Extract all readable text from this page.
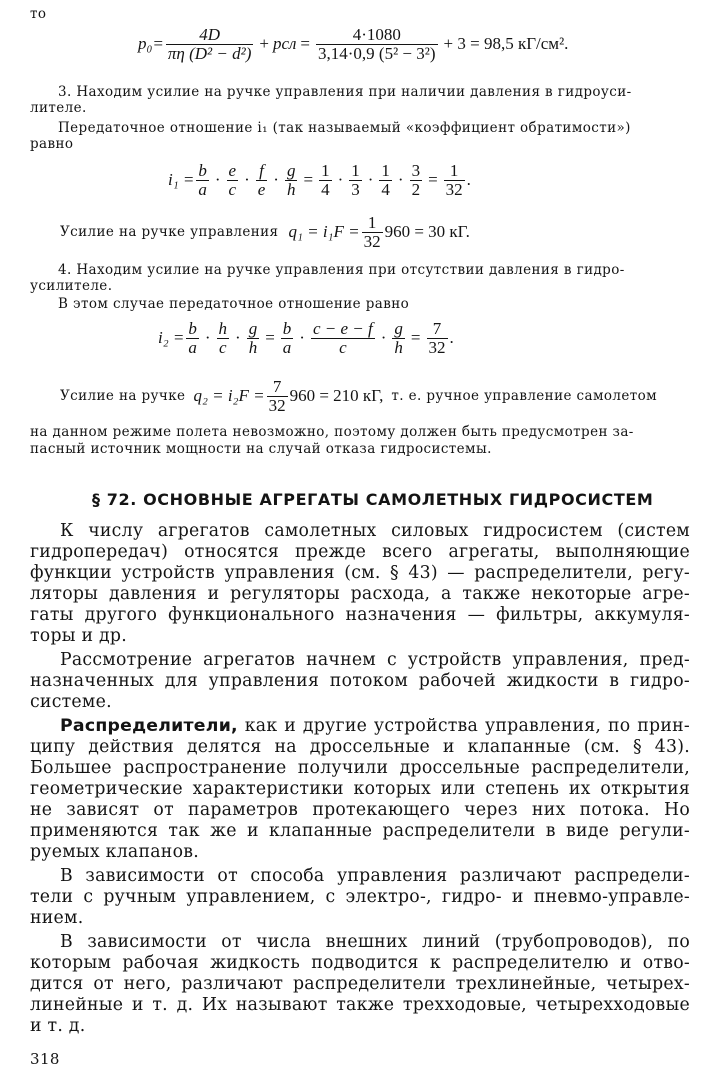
то
$p_0= \frac{4D}{\text{πη (D² − d²)}}$ + pсл = $\frac{4\cdot 1080}{\text{3,14·0,9 (5² − 3²)}} + 3 = 98,5$ кГ/см².
3. Находим усилие на ручке управления при наличии давления в гидроуси-
лителе.
Передаточное отношение i₁ (так называемый «коэффициент обратимости»)
равно
$i_1 = \frac{b}{a} \cdot \frac{e}{c} \cdot \frac{f}{e} \cdot \frac{g}{h} = \frac{1}{4} \cdot \frac{1}{3} \cdot \frac{1}{4} \cdot \frac{3}{2} = \frac{1}{32}$ .
Усилие на ручке управления $q_1 = i_1F = \frac{1}{32} 960 = 30$ кГ.
4. Находим усилие на ручке управления при отсутствии давления в гидро-
усилителе.
В этом случае передаточное отношение равно
$i_2 = \frac{b}{a} \cdot \frac{h}{c} \cdot \frac{g}{h} = \frac{b}{a} \cdot \frac{c - e - f}{c} \cdot \frac{g}{h} = \frac{7}{32}$ .
Усилие на ручке $q_2 = i_2F = \frac{7}{32} 960 = 210$ кГ, т. е. ручное управление самолетом
на данном режиме полета невозможно, поэтому должен быть предусмотрен за-
пасный источник мощности на случай отказа гидросистемы.
§ 72. ОСНОВНЫЕ АГРЕГАТЫ САМОЛЕТНЫХ ГИДРОСИСТЕМ
К числу агрегатов самолетных силовых гидросистем (систем
гидропередач) относятся прежде всего агрегаты, выполняющие
функции устройств управления (см. § 43) — распределители, регу-
ляторы давления и регуляторы расхода, а также некоторые агре-
гаты другого функционального назначения — фильтры, аккумуля-
торы и др.
Рассмотрение агрегатов начнем с устройств управления, пред-
назначенных для управления потоком рабочей жидкости в гидро-
системе.
Распределители, как и другие устройства управления, по прин-
ципу действия делятся на дроссельные и клапанные (см. § 43).
Большее распространение получили дроссельные распределители,
геометрические характеристики которых или степень их открытия
не зависят от параметров протекающего через них потока. Но
применяются так же и клапанные распределители в виде регули-
руемых клапанов.
В зависимости от способа управления различают распредели-
тели с ручным управлением, с электро-, гидро- и пневмо-управле-
нием.
В зависимости от числа внешних линий (трубопроводов), по
которым рабочая жидкость подводится к распределителю и отво-
дится от него, различают распределители трехлинейные, четырех-
линейные и т. д. Их называют также трехходовые, четырехходовые
и т. д.
318
